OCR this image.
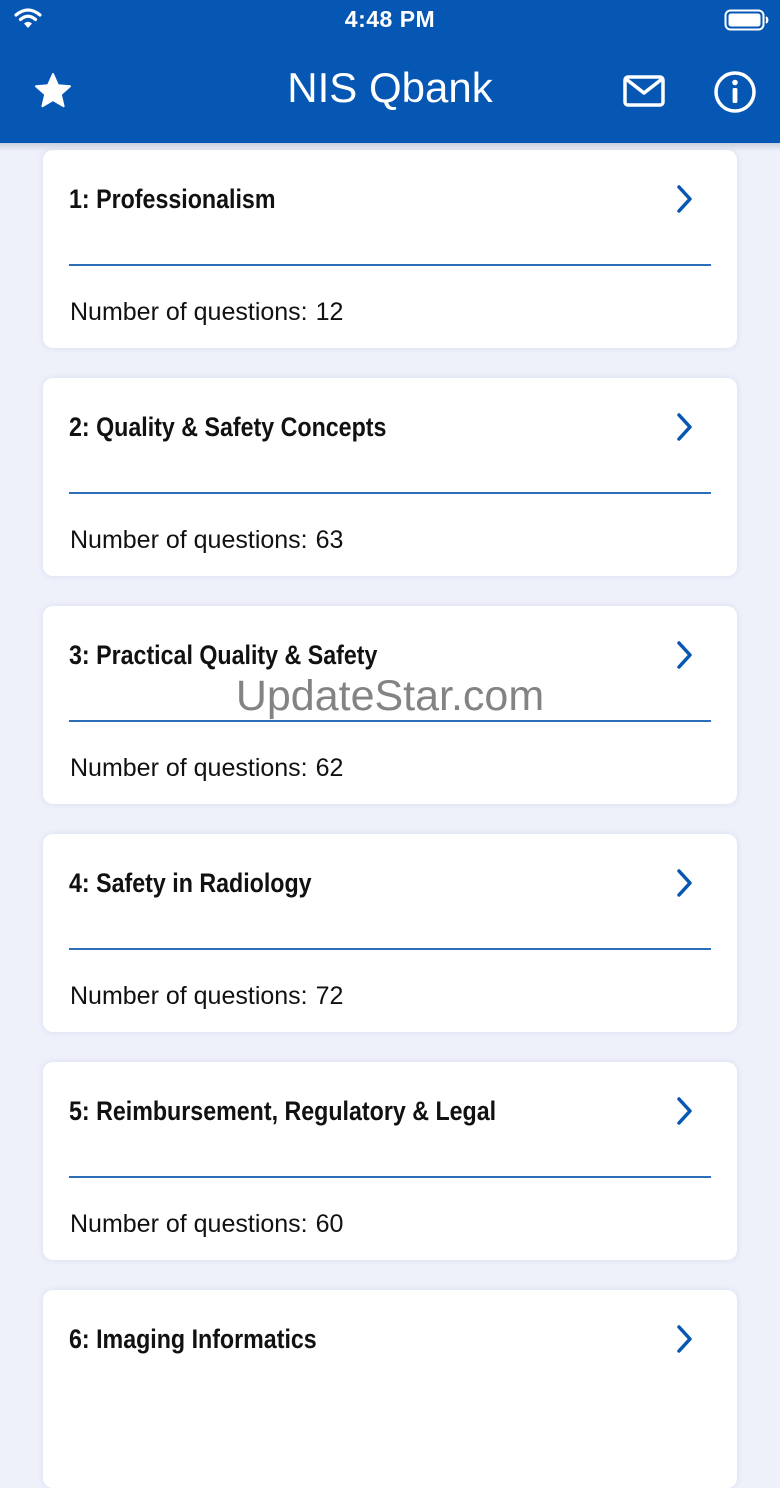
1: Professionalism
Number of questions: 12
2: Quality & Safety Concepts
Number of questions: 63
3: Practical Quality & Safety
Number of questions: 62
4: Safety in Radiology
Number of questions: 72
5: Reimbursement, Regulatory & Legal
Number of questions: 60
6: Imaging Informatics
4:48 PM
NIS Qbank
UpdateStar.com
